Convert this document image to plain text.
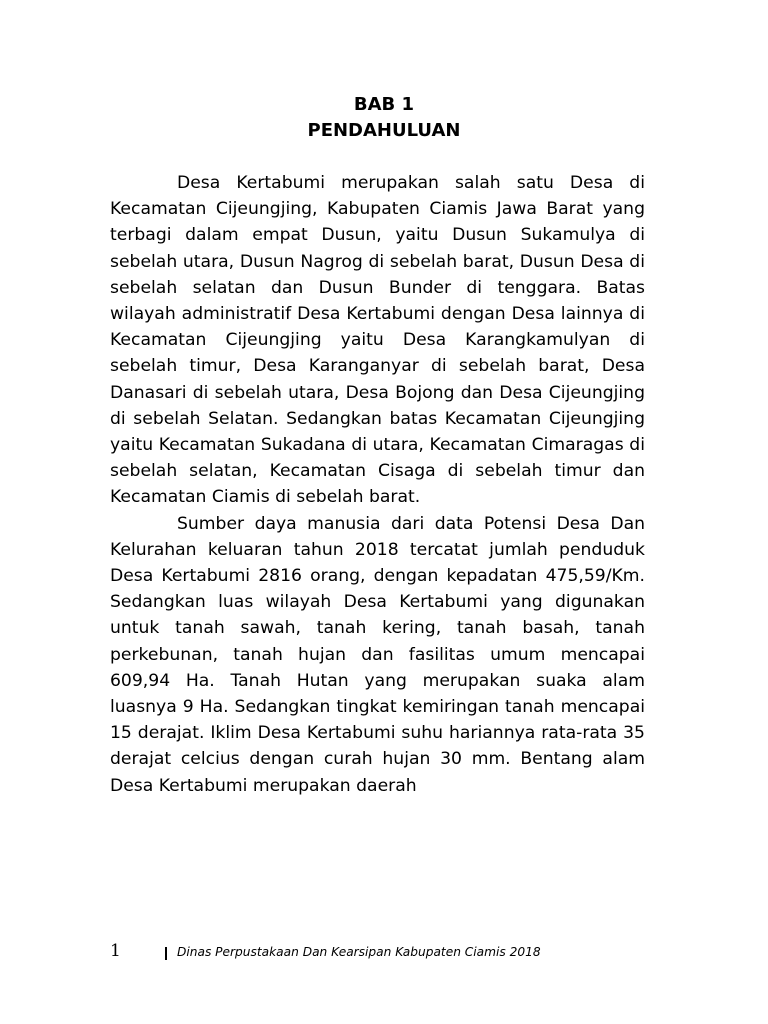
BAB 1
PENDAHULUAN

Desa Kertabumi merupakan salah satu Desa di Kecamatan Cijeungjing, Kabupaten Ciamis Jawa Barat yang terbagi dalam empat Dusun, yaitu Dusun Sukamulya di sebelah utara, Dusun Nagrog di sebelah barat, Dusun Desa di sebelah selatan dan Dusun Bunder di tenggara. Batas wilayah administratif Desa Kertabumi dengan Desa lainnya di Kecamatan Cijeungjing yaitu Desa Karangkamulyan di sebelah timur, Desa Karanganyar di sebelah barat, Desa Danasari di sebelah utara, Desa Bojong dan Desa Cijeungjing di sebelah Selatan. Sedangkan batas Kecamatan Cijeungjing yaitu Kecamatan Sukadana di utara, Kecamatan Cimaragas di sebelah selatan, Kecamatan Cisaga di sebelah timur dan Kecamatan Ciamis di sebelah barat.

Sumber daya manusia dari data Potensi Desa Dan Kelurahan keluaran tahun 2018 tercatat jumlah penduduk Desa Kertabumi 2816 orang, dengan kepadatan 475,59/Km. Sedangkan luas wilayah Desa Kertabumi yang digunakan untuk tanah sawah, tanah kering, tanah basah, tanah perkebunan, tanah hujan dan fasilitas umum mencapai 609,94 Ha. Tanah Hutan yang merupakan suaka alam luasnya 9 Ha. Sedangkan tingkat kemiringan tanah mencapai 15 derajat. Iklim Desa Kertabumi suhu hariannya rata-rata 35 derajat celcius dengan curah hujan 30 mm. Bentang alam Desa Kertabumi merupakan daerah

1	Dinas Perpustakaan Dan Kearsipan Kabupaten Ciamis 2018
